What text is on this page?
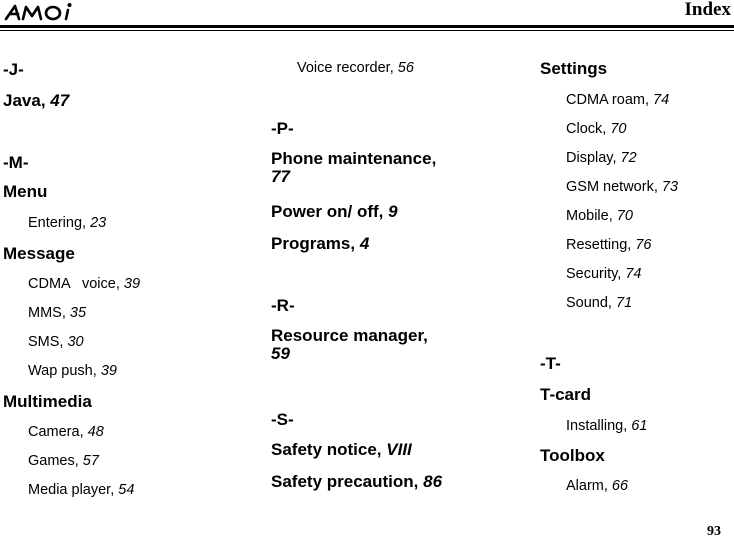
Index
-J-
Java, 47
-M-
Menu
Entering, 23
Message
CDMA   voice, 39
MMS, 35
SMS, 30
Wap push, 39
Multimedia
Camera, 48
Games, 57
Media player, 54
Voice recorder, 56
-P-
Phone maintenance,
77
Power on/ off, 9
Programs, 4
-R-
Resource manager,
59
-S-
Safety notice, VIII
Safety precaution, 86
Settings
CDMA roam, 74
Clock, 70
Display, 72
GSM network, 73
Mobile, 70
Resetting, 76
Security, 74
Sound, 71
-T-
T-card
Installing, 61
Toolbox
Alarm, 66
93
